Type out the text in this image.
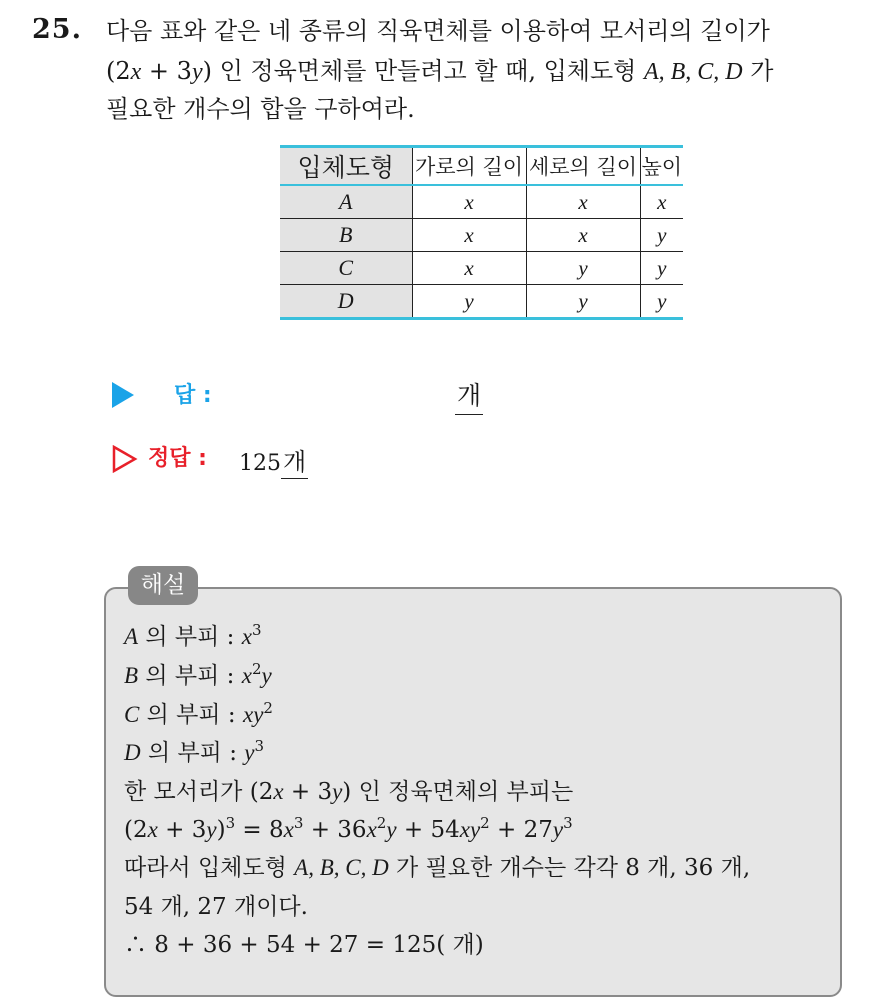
25. 다음 표와 같은 네 종류의 직육면체를 이용하여 모서리의 길이가
(2x + 3y) 인 정육면체를 만들려고 할 때, 입체도형 A, B, C, D 가
필요한 개수의 합을 구하여라.
입체도형	가로의 길이	세로의 길이	높이
A	x	x	x
B	x	x	y
C	x	y	y
D	y	y	y
답 :	개
정답 : 125개
해설
A 의 부피 : $x^3$
B 의 부피 : $x^2y$
C 의 부피 : $xy^2$
D 의 부피 : $y^3$
한 모서리가 (2x + 3y) 인 정육면체의 부피는
$(2x + 3y)^3 = 8x^3 + 36x^2y + 54xy^2 + 27y^3$
따라서 입체도형 A, B, C, D 가 필요한 개수는 각각 8 개, 36 개,
54 개, 27 개이다.
∴ 8 + 36 + 54 + 27 = 125( 개)
